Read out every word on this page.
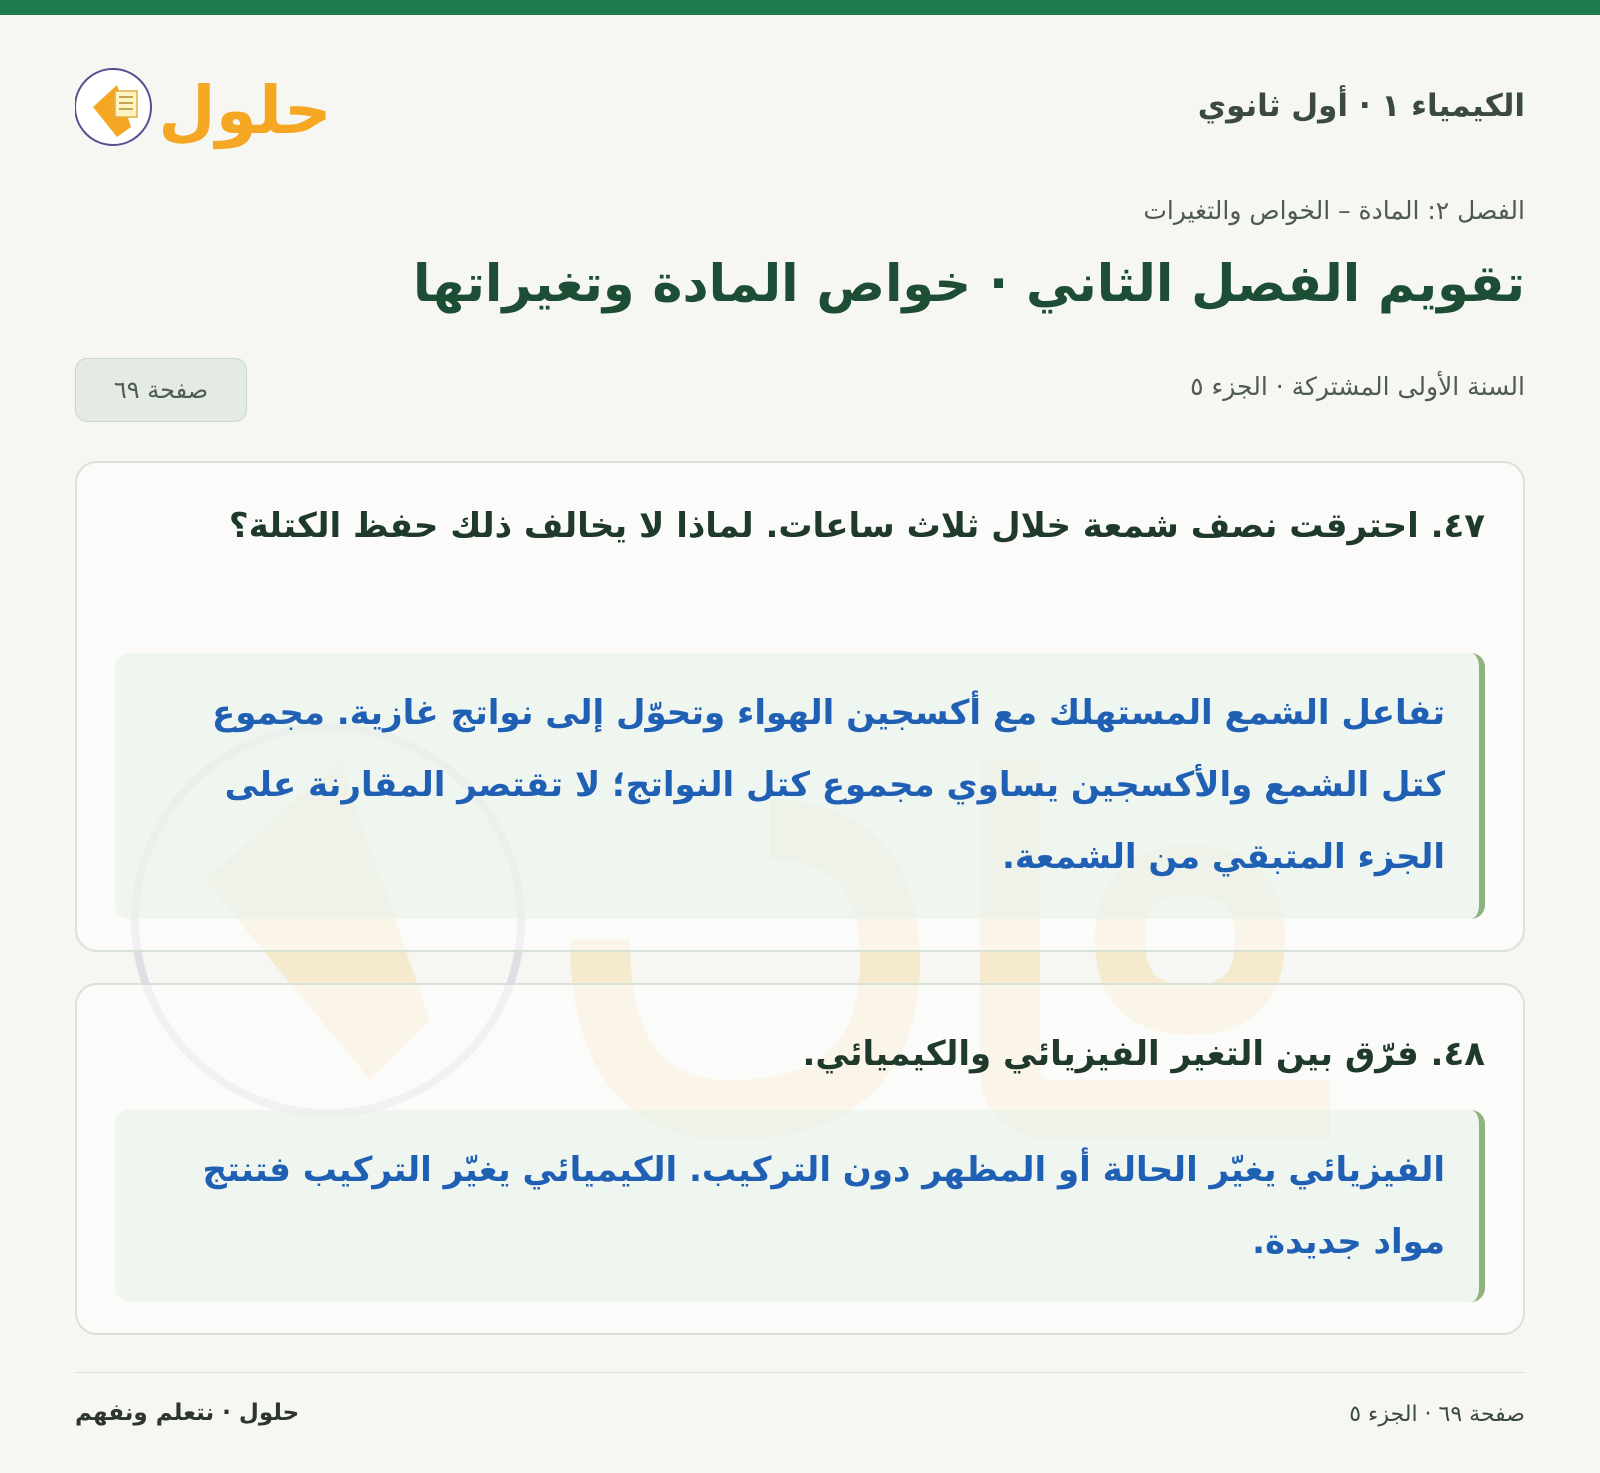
حلول	الكيمياء ١ · أول ثانوي
الفصل ٢: المادة – الخواص والتغيرات
تقويم الفصل الثاني · خواص المادة وتغيراتها
السنة الأولى المشتركة · الجزء ٥
صفحة ٦٩
٤٧. احترقت نصف شمعة خلال ثلاث ساعات. لماذا لا يخالف ذلك حفظ الكتلة؟
تفاعل الشمع المستهلك مع أكسجين الهواء وتحوّل إلى نواتج غازية. مجموع كتل الشمع والأكسجين يساوي مجموع كتل النواتج؛ لا تقتصر المقارنة على الجزء المتبقي من الشمعة.
٤٨. فرّق بين التغير الفيزيائي والكيميائي.
الفيزيائي يغيّر الحالة أو المظهر دون التركيب. الكيميائي يغيّر التركيب فتنتج مواد جديدة.
صفحة ٦٩ · الجزء ٥
حلول · نتعلم ونفهم
